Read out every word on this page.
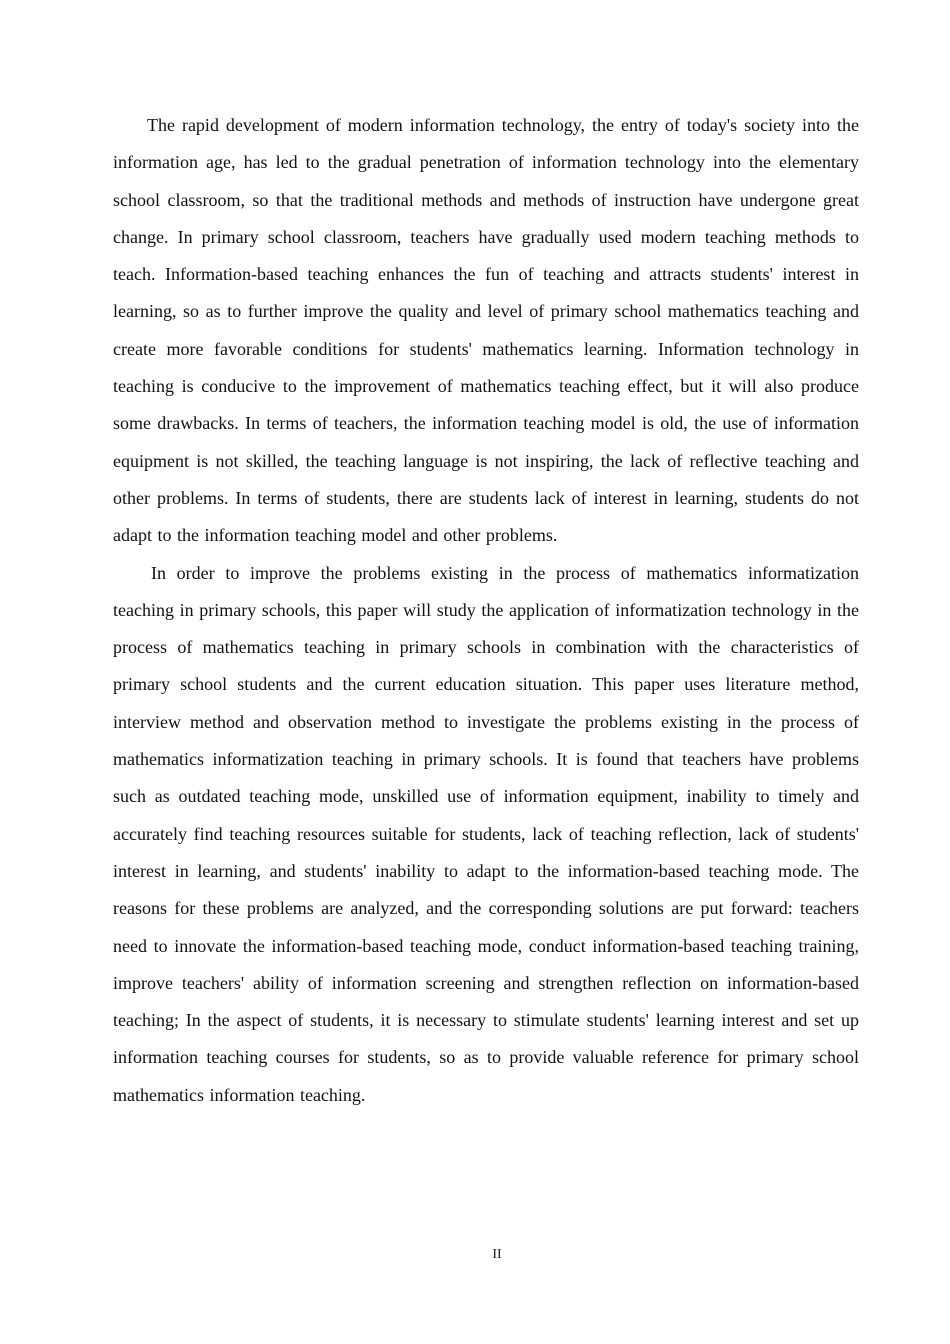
The rapid development of modern information technology, the entry of today's society into the information age, has led to the gradual penetration of information technology into the elementary school classroom, so that the traditional methods and methods of instruction have undergone great change. In primary school classroom, teachers have gradually used modern teaching methods to teach. Information-based teaching enhances the fun of teaching and attracts students' interest in learning, so as to further improve the quality and level of primary school mathematics teaching and create more favorable conditions for students' mathematics learning. Information technology in teaching is conducive to the improvement of mathematics teaching effect, but it will also produce some drawbacks. In terms of teachers, the information teaching model is old, the use of information equipment is not skilled, the teaching language is not inspiring, the lack of reflective teaching and other problems. In terms of students, there are students lack of interest in learning, students do not adapt to the information teaching model and other problems.

In order to improve the problems existing in the process of mathematics informatization teaching in primary schools, this paper will study the application of informatization technology in the process of mathematics teaching in primary schools in combination with the characteristics of primary school students and the current education situation. This paper uses literature method, interview method and observation method to investigate the problems existing in the process of mathematics informatization teaching in primary schools. It is found that teachers have problems such as outdated teaching mode, unskilled use of information equipment, inability to timely and accurately find teaching resources suitable for students, lack of teaching reflection, lack of students' interest in learning, and students' inability to adapt to the information-based teaching mode. The reasons for these problems are analyzed, and the corresponding solutions are put forward: teachers need to innovate the information-based teaching mode, conduct information-based teaching training, improve teachers' ability of information screening and strengthen reflection on information-based teaching; In the aspect of students, it is necessary to stimulate students' learning interest and set up information teaching courses for students, so as to provide valuable reference for primary school mathematics information teaching.

II
